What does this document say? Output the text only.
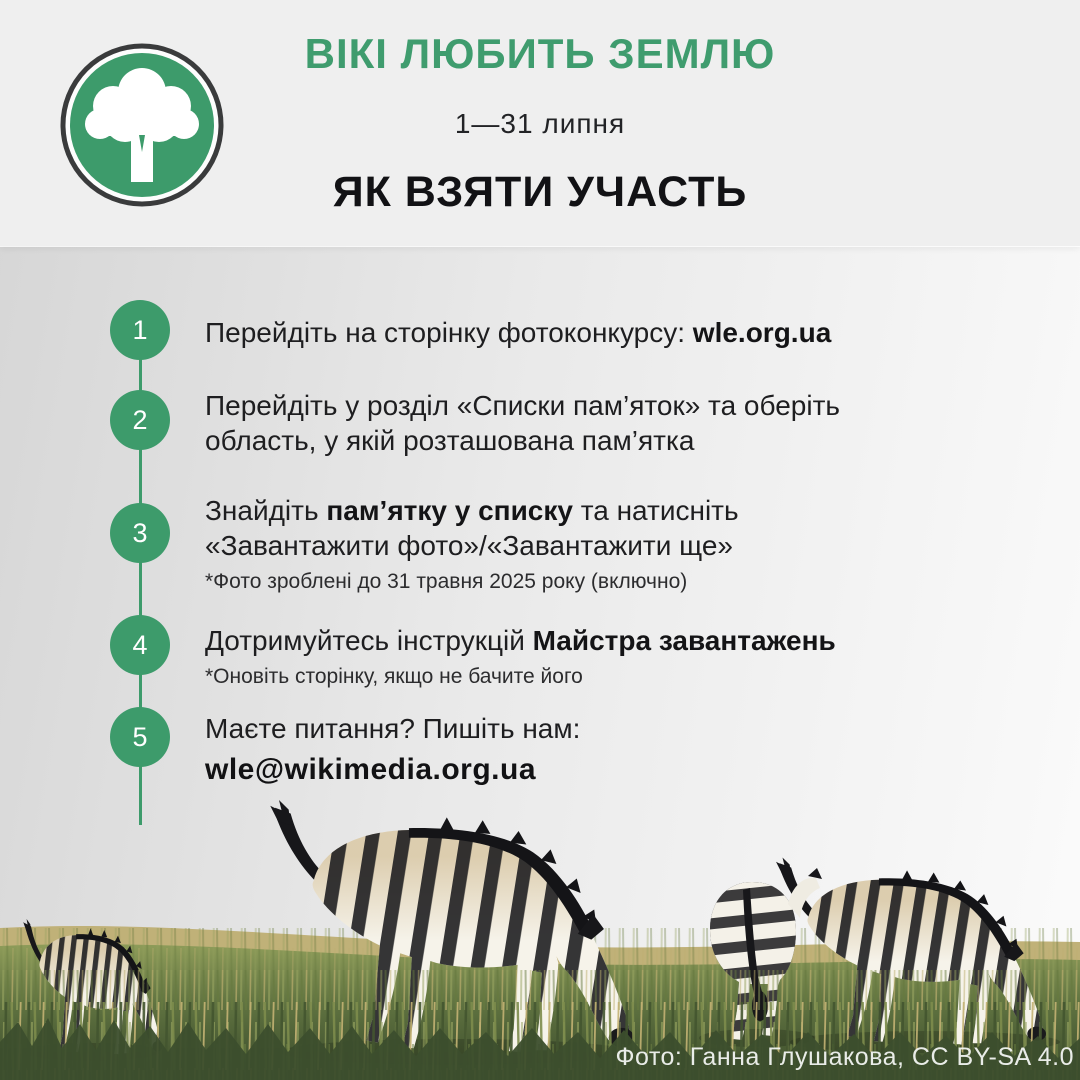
ВІКІ ЛЮБИТЬ ЗЕМЛЮ
1—31 липня
ЯК ВЗЯТИ УЧАСТЬ
1
2
3
4
5
Перейдіть на сторінку фотоконкурсу: wle.org.ua
Перейдіть у розділ «Списки пам’яток» та оберіть
область, у якій розташована пам’ятка
Знайдіть пам’ятку у списку та натисніть
«Завантажити фото»/«Завантажити ще»
*Фото зроблені до 31 травня 2025 року (включно)
Дотримуйтесь інструкцій Майстра завантажень
*Оновіть сторінку, якщо не бачите його
Маєте питання? Пишіть нам:
wle@wikimedia.org.ua
Фото: Ганна Глушакова, CC BY-SA 4.0
